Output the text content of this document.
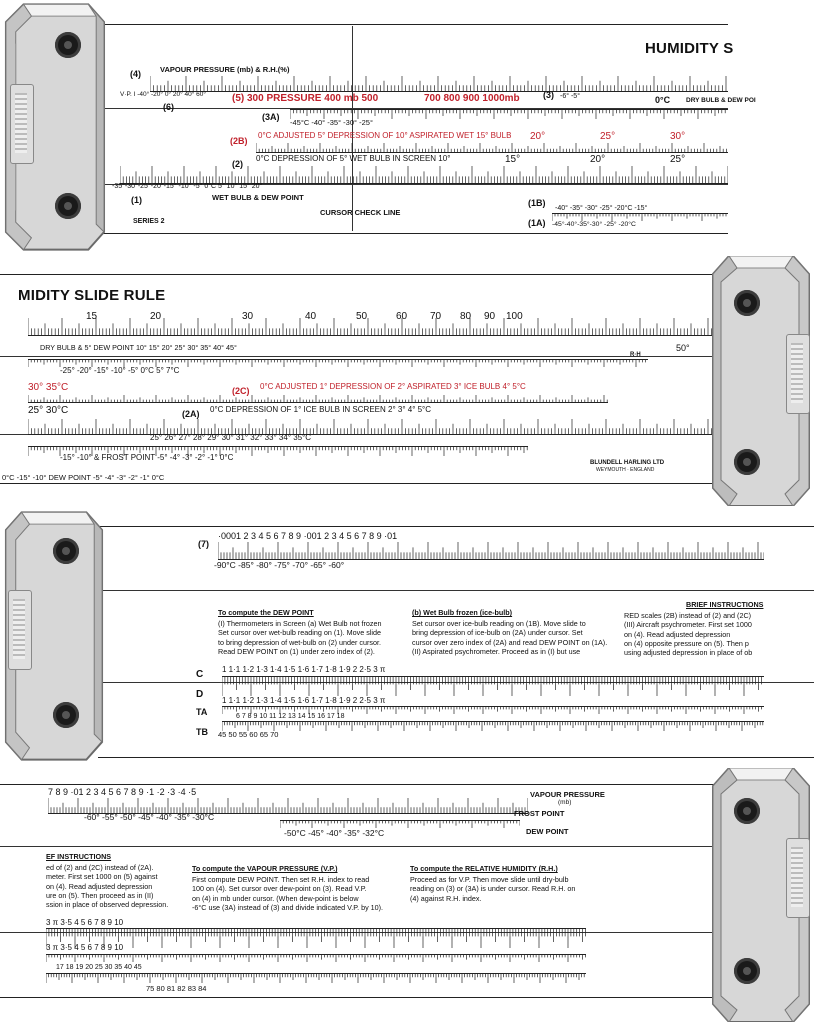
HUMIDITY S
(4)	VAPOUR PRESSURE (mb) & R.H.(%)
V·P. I -40° -20° 0° 20° 40° 60°
(6)
(5) 300 PRESSURE 400 mb 500	700 800 900 1000mb	(3) -6° -5°	0°C DRY BULB & DEW POI
(3A)
-45°C -40° -35° -30° -25°
(2B)
0°C ADJUSTED 5° DEPRESSION OF 10° ASPIRATED WET 15° BULB 20°	25°	30°
(2)
0°C DEPRESSION OF 5° WET BULB IN SCREEN 10°	15°	20°	25°
-35°-30°-25°-20°-15° -10° -5° 0°C 5° 10° 15° 20°
(1)	WET BULB & DEW POINT
(1B)
-40° -35° -30° -25° -20°C -15°
SERIES 2
CURSOR CHECK LINE
(1A) -45°-40°-35°-30° -25° -20°C
MIDITY SLIDE RULE
15	20	30	40	50	60 70 80 90 100
DRY BULB & 5° DEW POINT 10° 15° 20° 25° 30° 35° 40° 45°
R·H
50°
-25° -20° -15° -10° -5° 0°C 5° 7°C
30° 35°C	(2C) 0°C ADJUSTED 1° DEPRESSION OF 2° ASPIRATED 3° ICE BULB 4° 5°C
25° 30°C	(2A) 0°C DEPRESSION OF 1° ICE BULB IN SCREEN 2° 3° 4° 5°C
25° 26° 27° 28° 29° 30° 31° 32° 33° 34° 35°C
-15° -10° & FROST POINT -5° -4° -3° -2° -1° 0°C
BLUNDELL HARLING LTD
WEYMOUTH · ENGLAND
0°C -15° -10° DEW POINT -5° -4° -3° -2° -1° 0°C
(7)
·0001 2 3 4 5 6 7 8 9 ·001 2 3 4 5 6 7 8 9 ·01
-90°C -85° -80° -75° -70° -65° -60°
To compute the DEW POINT
(I) Thermometers in Screen (a) Wet Bulb not frozen
Set cursor over wet-bulb reading on (1). Move slide
to bring depression of wet-bulb on (2) under cursor.
Read DEW POINT on (1) under zero index of (2).
(b) Wet Bulb frozen (ice-bulb)
Set cursor over ice-bulb reading on (1B). Move slide to
bring depression of ice-bulb on (2A) under cursor. Set
cursor over zero index of (2A) and read DEW POINT on (1A).
(II) Aspirated psychrometer. Proceed as in (I) but use
BRIEF INSTRUCTIONS
RED scales (2B) instead of (2) and (2C)
(III) Aircraft psychrometer. First set 1000
on (4). Read adjusted depression
on (4) opposite pressure on (5). Then p
using adjusted depression in place of ob
C 1 1·1 1·2 1·3 1·4 1·5 1·6 1·7 1·8 1·9 2 2·5 3 π
D
1 1·1 1·2 1·3 1·4 1·5 1·6 1·7 1·8 1·9 2 2·5 3 π
TA	6 7 8 9 10 11 12 13 14 15 16 17 18
TB 45 50 55 60 65 70
7 8 9 ·01 2 3 4 5 6 7 8 9 ·1 ·2 ·3 ·4 ·5	VAPOUR PRESSURE
(mb)
-60° -55° -50° -45° -40° -35° -30°C	FROST POINT
-50°C -45° -40° -35° -32°C	DEW POINT
EF INSTRUCTIONS
ed of (2) and (2C) instead of (2A).
meter. First set 1000 on (5) against
on (4). Read adjusted depression
ure on (5). Then proceed as in (II)
ssion in place of observed depression.
To compute the VAPOUR PRESSURE (V.P.)
First compute DEW POINT. Then set R.H. index to read
100 on (4). Set cursor over dew-point on (3). Read V.P.
on (4) in mb under cursor. (When dew-point is below
-6°C use (3A) instead of (3) and divide indicated V.P. by 10).
To compute the RELATIVE HUMIDITY (R.H.)
Proceed as for V.P. Then move slide until dry-bulb
reading on (3) or (3A) is under cursor. Read R.H. on
(4) against R.H. index.
3 π 3·5 4 5 6 7 8 9 10
3 π 3·5 4 5 6 7 8 9 10
17 18 19 20 25 30 35 40 45
75 80 81 82 83 84
